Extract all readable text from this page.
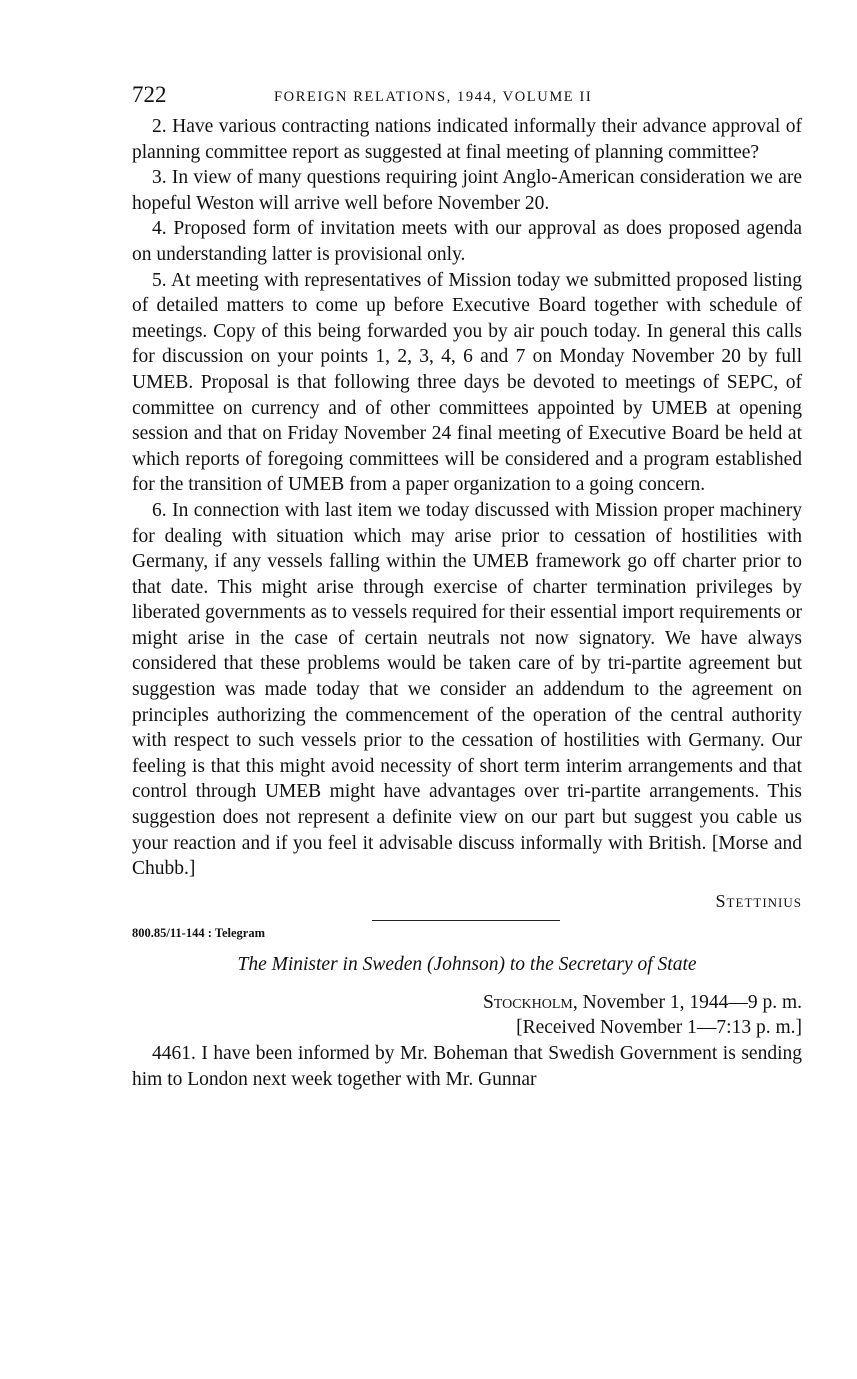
722	FOREIGN RELATIONS, 1944, VOLUME II

2. Have various contracting nations indicated informally their advance approval of planning committee report as suggested at final meeting of planning committee?

3. In view of many questions requiring joint Anglo-American consideration we are hopeful Weston will arrive well before November 20.

4. Proposed form of invitation meets with our approval as does proposed agenda on understanding latter is provisional only.

5. At meeting with representatives of Mission today we submitted proposed listing of detailed matters to come up before Executive Board together with schedule of meetings. Copy of this being forwarded you by air pouch today. In general this calls for discussion on your points 1, 2, 3, 4, 6 and 7 on Monday November 20 by full UMEB. Proposal is that following three days be devoted to meetings of SEPC, of committee on currency and of other committees appointed by UMEB at opening session and that on Friday November 24 final meeting of Executive Board be held at which reports of foregoing committees will be considered and a program established for the transition of UMEB from a paper organization to a going concern.

6. In connection with last item we today discussed with Mission proper machinery for dealing with situation which may arise prior to cessation of hostilities with Germany, if any vessels falling within the UMEB framework go off charter prior to that date. This might arise through exercise of charter termination privileges by liberated governments as to vessels required for their essential import requirements or might arise in the case of certain neutrals not now signatory. We have always considered that these problems would be taken care of by tri-partite agreement but suggestion was made today that we consider an addendum to the agreement on principles authorizing the commencement of the operation of the central authority with respect to such vessels prior to the cessation of hostilities with Germany. Our feeling is that this might avoid necessity of short term interim arrangements and that control through UMEB might have advantages over tri-partite arrangements. This suggestion does not represent a definite view on our part but suggest you cable us your reaction and if you feel it advisable discuss informally with British. [Morse and Chubb.]

Stettinius
800.85/11-144 : Telegram
The Minister in Sweden (Johnson) to the Secretary of State
Stockholm, November 1, 1944—9 p. m.
[Received November 1—7:13 p. m.]

4461. I have been informed by Mr. Boheman that Swedish Government is sending him to London next week together with Mr. Gunnar
